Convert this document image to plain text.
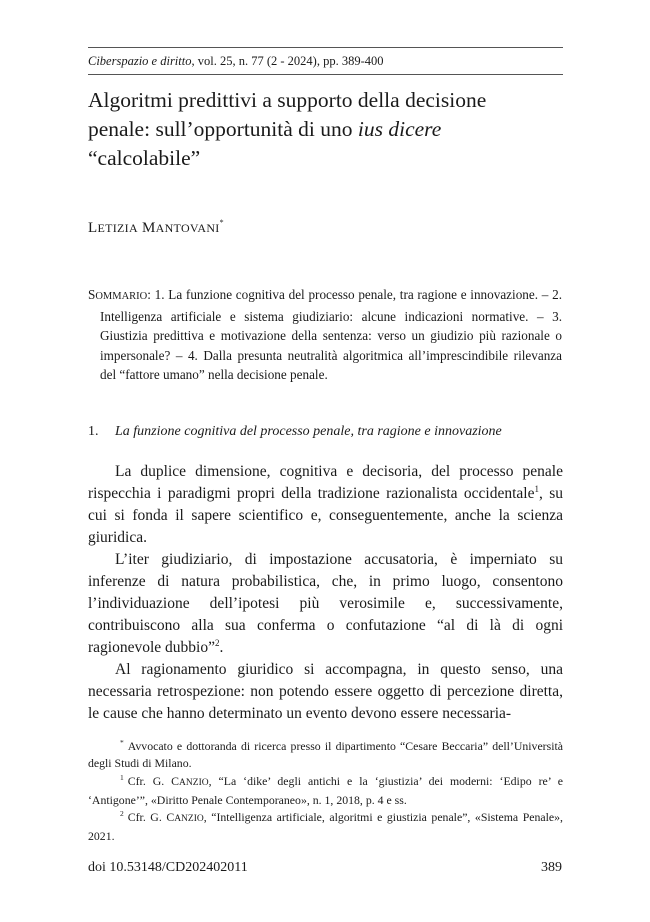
Ciberspazio e diritto, vol. 25, n. 77 (2 - 2024), pp. 389-400
Algoritmi predittivi a supporto della decisione
penale: sull’opportunità di uno ius dicere
“calcolabile”
LETIZIA MANTOVANI*
SOMMARIO: 1. La funzione cognitiva del processo penale, tra ragione e innovazione. – 2. Intelligenza artificiale e sistema giudiziario: alcune indicazioni normative. – 3. Giustizia predittiva e motivazione della sentenza: verso un giudizio più razionale o impersonale? – 4. Dalla presunta neutralità algoritmica all’imprescindibile rilevanza del “fattore umano” nella decisione penale.
1. La funzione cognitiva del processo penale, tra ragione e innovazione

La duplice dimensione, cognitiva e decisoria, del processo penale rispecchia i paradigmi propri della tradizione razionalista occidentale$^1$, su cui si fonda il sapere scientifico e, conseguentemente, anche la scienza giuridica.

L’iter giudiziario, di impostazione accusatoria, è imperniato su inferenze di natura probabilistica, che, in primo luogo, consentono l’individuazione dell’ipotesi più verosimile e, successivamente, contribuiscono alla sua conferma o confutazione “al di là di ogni ragionevole dubbio”$^2$.

Al ragionamento giuridico si accompagna, in questo senso, una necessaria retrospezione: non potendo essere oggetto di percezione diretta, le cause che hanno determinato un evento devono essere necessaria-

* Avvocato e dottoranda di ricerca presso il dipartimento “Cesare Beccaria” dell’Università degli Studi di Milano.

$^1$ Cfr. G. CANZIO, “La ‘dike’ degli antichi e la ‘giustizia’ dei moderni: ‘Edipo re’ e ‘Antigone’”, «Diritto Penale Contemporaneo», n. 1, 2018, p. 4 e ss.

$^2$ Cfr. G. CANZIO, “Intelligenza artificiale, algoritmi e giustizia penale”, «Sistema Penale», 2021.

doi 10.53148/CD202402011	389
